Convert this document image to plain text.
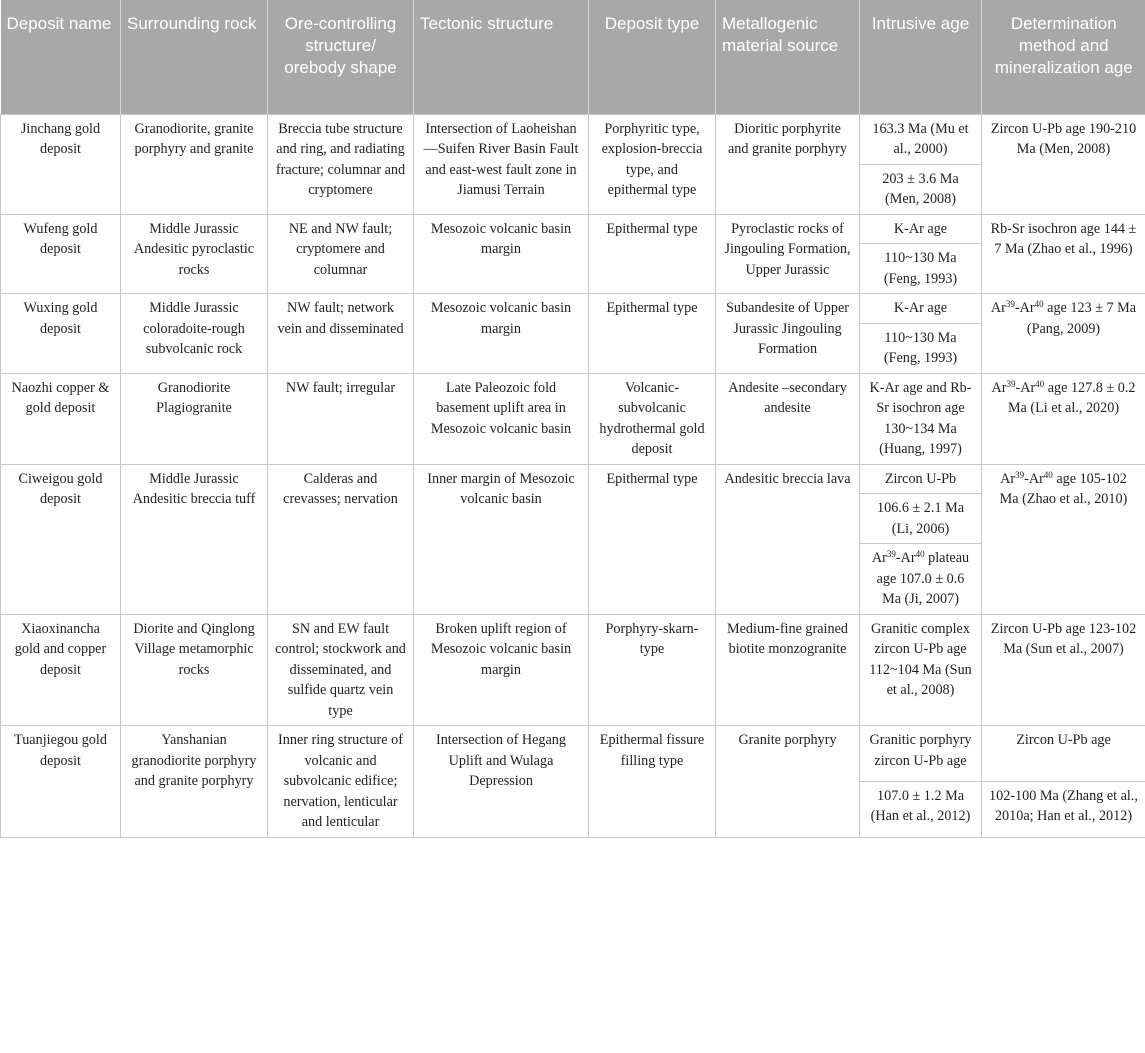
Deposit name	Surrounding rock	Ore-controlling structure/ orebody shape	Tectonic structure	Deposit type	Metallogenic material source	Intrusive age	Determination method and mineralization age
Jinchang gold deposit	Granodiorite, granite porphyry and granite	Breccia tube structure and ring, and radiating fracture; columnar and cryptomere	Intersection of Laoheishan—Suifen River Basin Fault and east-west fault zone in Jiamusi Terrain	Porphyritic type, explosion-breccia type, and epithermal type	Dioritic porphyrite and granite porphyry	163.3 Ma (Mu et al., 2000)	Zircon U-Pb age 190-210 Ma (Men, 2008)
						203 ± 3.6 Ma (Men, 2008)	
Wufeng gold deposit	Middle Jurassic Andesitic pyroclastic rocks	NE and NW fault; cryptomere and columnar	Mesozoic volcanic basin margin	Epithermal type	Pyroclastic rocks of Jingouling Formation, Upper Jurassic	K-Ar age	Rb-Sr isochron age 144 ± 7 Ma (Zhao et al., 1996)
						110~130 Ma (Feng, 1993)	
Wuxing gold deposit	Middle Jurassic coloradoite-rough subvolcanic rock	NW fault; network vein and disseminated	Mesozoic volcanic basin margin	Epithermal type	Subandesite of Upper Jurassic Jingouling Formation	K-Ar age	Ar$^{39}$-Ar$^{40}$ age 123 ± 7 Ma (Pang, 2009)
						110~130 Ma (Feng, 1993)	
Naozhi copper & gold deposit	Granodiorite Plagiogranite	NW fault; irregular	Late Paleozoic fold basement uplift area in Mesozoic volcanic basin	Volcanic-subvolcanic hydrothermal gold deposit	Andesite –secondary andesite	K-Ar age and Rb-Sr isochron age 130~134 Ma (Huang, 1997)	Ar$^{39}$-Ar$^{40}$ age 127.8 ± 0.2 Ma (Li et al., 2020)
Ciweigou gold deposit	Middle Jurassic Andesitic breccia tuff	Calderas and crevasses; nervation	Inner margin of Mesozoic volcanic basin	Epithermal type	Andesitic breccia lava	Zircon U-Pb	Ar$^{39}$-Ar$^{40}$ age 105-102 Ma (Zhao et al., 2010)
						106.6 ± 2.1 Ma (Li, 2006)	
						Ar$^{39}$-Ar$^{40}$ plateau age 107.0 ± 0.6 Ma (Ji, 2007)	
Xiaoxinancha gold and copper deposit	Diorite and Qinglong Village metamorphic rocks	SN and EW fault control; stockwork and disseminated, and sulfide quartz vein type	Broken uplift region of Mesozoic volcanic basin margin	Porphyry-skarn-type	Medium-fine grained biotite monzogranite	Granitic complex zircon U-Pb age 112~104 Ma (Sun et al., 2008)	Zircon U-Pb age 123-102 Ma (Sun et al., 2007)
Tuanjiegou gold deposit	Yanshanian granodiorite porphyry and granite porphyry	Inner ring structure of volcanic and subvolcanic edifice; nervation, lenticular and lenticular	Intersection of Hegang Uplift and Wulaga Depression	Epithermal fissure filling type	Granite porphyry	Granitic porphyry zircon U-Pb age	Zircon U-Pb age
						107.0 ± 1.2 Ma (Han et al., 2012)	102-100 Ma (Zhang et al., 2010a; Han et al., 2012)
